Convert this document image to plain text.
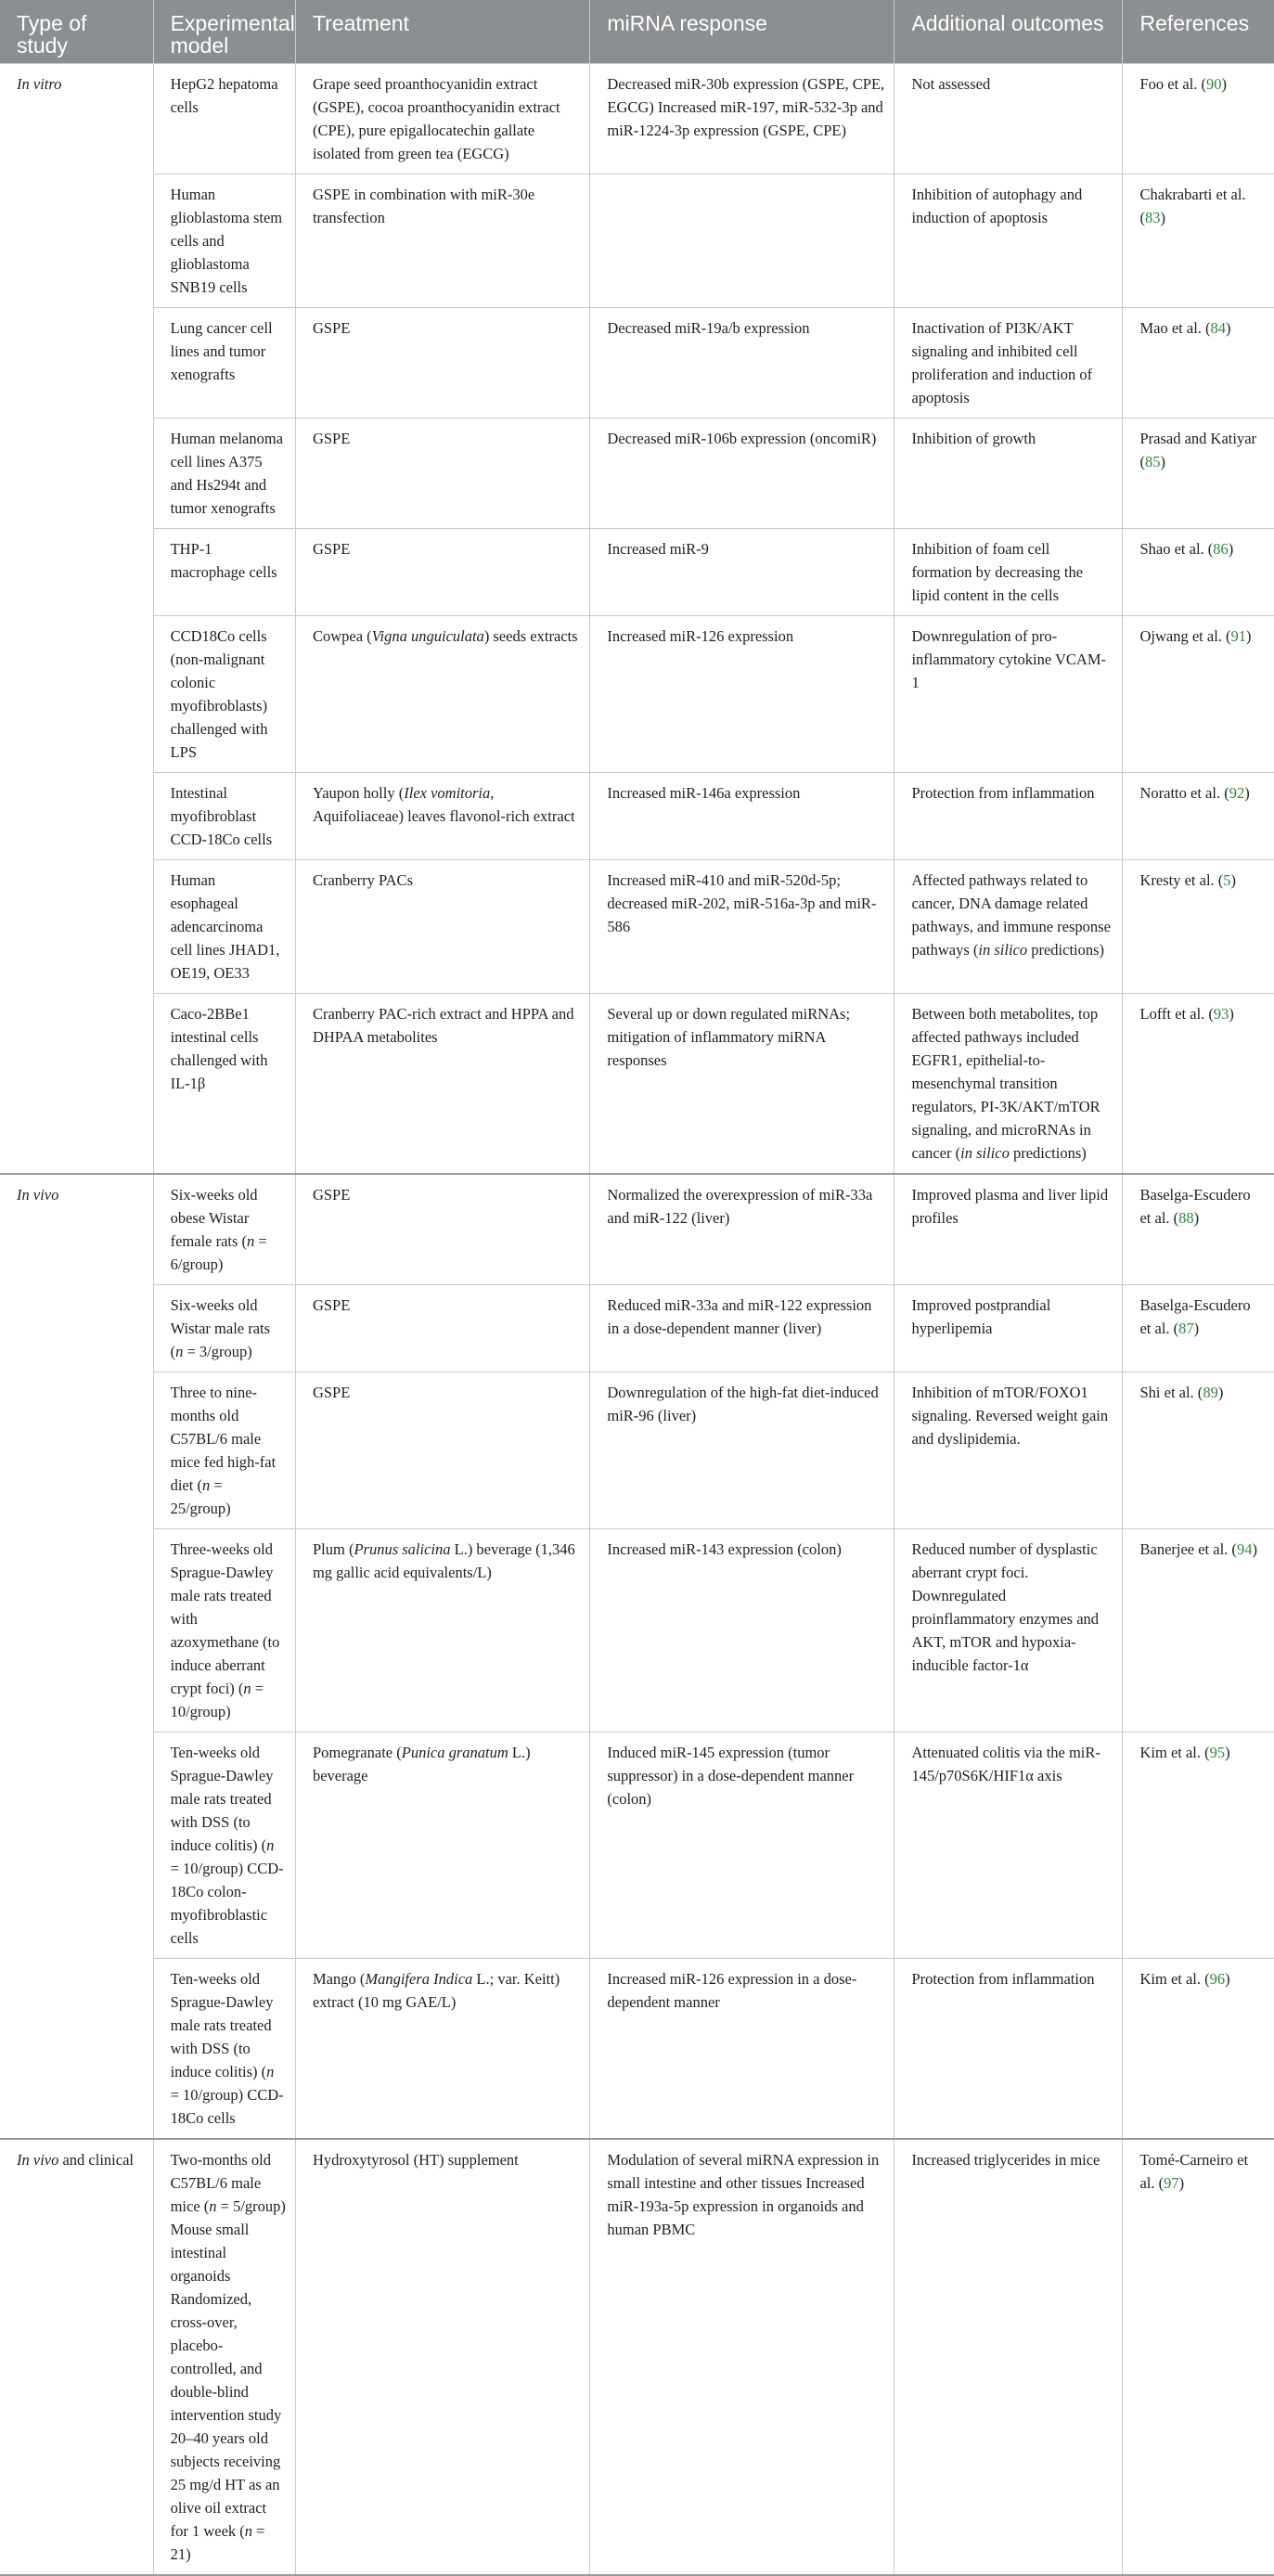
Type of study	Experimental model	Treatment	miRNA response	Additional outcomes	References
In vitro	HepG2 hepatoma cells	Grape seed proanthocyanidin extract (GSPE), cocoa proanthocyanidin extract (CPE), pure epigallocatechin gallate isolated from green tea (EGCG)	Decreased miR-30b expression (GSPE, CPE, EGCG) Increased miR-197, miR-532-3p and miR-1224-3p expression (GSPE, CPE)	Not assessed	Foo et al. (90)
	Human glioblastoma stem cells and glioblastoma SNB19 cells	GSPE in combination with miR-30e transfection		Inhibition of autophagy and induction of apoptosis	Chakrabarti et al. (83)
	Lung cancer cell lines and tumor xenografts	GSPE	Decreased miR-19a/b expression	Inactivation of PI3K/AKT signaling and inhibited cell proliferation and induction of apoptosis	Mao et al. (84)
	Human melanoma cell lines A375 and Hs294t and tumor xenografts	GSPE	Decreased miR-106b expression (oncomiR)	Inhibition of growth	Prasad and Katiyar (85)
	THP-1 macrophage cells	GSPE	Increased miR-9	Inhibition of foam cell formation by decreasing the lipid content in the cells	Shao et al. (86)
	CCD18Co cells (non-malignant colonic myofibroblasts) challenged with LPS	Cowpea (Vigna unguiculata) seeds extracts	Increased miR-126 expression	Downregulation of pro-inflammatory cytokine VCAM-1	Ojwang et al. (91)
	Intestinal myofibroblast CCD-18Co cells	Yaupon holly (Ilex vomitoria, Aquifoliaceae) leaves flavonol-rich extract	Increased miR-146a expression	Protection from inflammation	Noratto et al. (92)
	Human esophageal adencarcinoma cell lines JHAD1, OE19, OE33	Cranberry PACs	Increased miR-410 and miR-520d-5p; decreased miR-202, miR-516a-3p and miR-586	Affected pathways related to cancer, DNA damage related pathways, and immune response pathways (in silico predictions)	Kresty et al. (5)
	Caco-2BBe1 intestinal cells challenged with IL-1β	Cranberry PAC-rich extract and HPPA and DHPAA metabolites	Several up or down regulated miRNAs; mitigation of inflammatory miRNA responses	Between both metabolites, top affected pathways included EGFR1, epithelial-to-mesenchymal transition regulators, PI-3K/AKT/mTOR signaling, and microRNAs in cancer (in silico predictions)	Lofft et al. (93)
In vivo	Six-weeks old obese Wistar female rats (n = 6/group)	GSPE	Normalized the overexpression of miR-33a and miR-122 (liver)	Improved plasma and liver lipid profiles	Baselga-Escudero et al. (88)
	Six-weeks old Wistar male rats (n = 3/group)	GSPE	Reduced miR-33a and miR-122 expression in a dose-dependent manner (liver)	Improved postprandial hyperlipemia	Baselga-Escudero et al. (87)
	Three to nine-months old C57BL/6 male mice fed high-fat diet (n = 25/group)	GSPE	Downregulation of the high-fat diet-induced miR-96 (liver)	Inhibition of mTOR/FOXO1 signaling. Reversed weight gain and dyslipidemia.	Shi et al. (89)
	Three-weeks old Sprague-Dawley male rats treated with azoxymethane (to induce aberrant crypt foci) (n = 10/group)	Plum (Prunus salicina L.) beverage (1,346 mg gallic acid equivalents/L)	Increased miR-143 expression (colon)	Reduced number of dysplastic aberrant crypt foci. Downregulated proinflammatory enzymes and AKT, mTOR and hypoxia-inducible factor-1α	Banerjee et al. (94)
	Ten-weeks old Sprague-Dawley male rats treated with DSS (to induce colitis) (n = 10/group) CCD-18Co colon-myofibroblastic cells	Pomegranate (Punica granatum L.) beverage	Induced miR-145 expression (tumor suppressor) in a dose-dependent manner (colon)	Attenuated colitis via the miR-145/p70S6K/HIF1α axis	Kim et al. (95)
	Ten-weeks old Sprague-Dawley male rats treated with DSS (to induce colitis) (n = 10/group) CCD-18Co cells	Mango (Mangifera Indica L.; var. Keitt) extract (10 mg GAE/L)	Increased miR-126 expression in a dose-dependent manner	Protection from inflammation	Kim et al. (96)
In vivo and clinical	Two-months old C57BL/6 male mice (n = 5/group) Mouse small intestinal organoids Randomized, cross-over, placebo-controlled, and double-blind intervention study 20–40 years old subjects receiving 25 mg/d HT as an olive oil extract for 1 week (n = 21)	Hydroxytyrosol (HT) supplement	Modulation of several miRNA expression in small intestine and other tissues Increased miR-193a-5p expression in organoids and human PBMC	Increased triglycerides in mice	Tomé-Carneiro et al. (97)
